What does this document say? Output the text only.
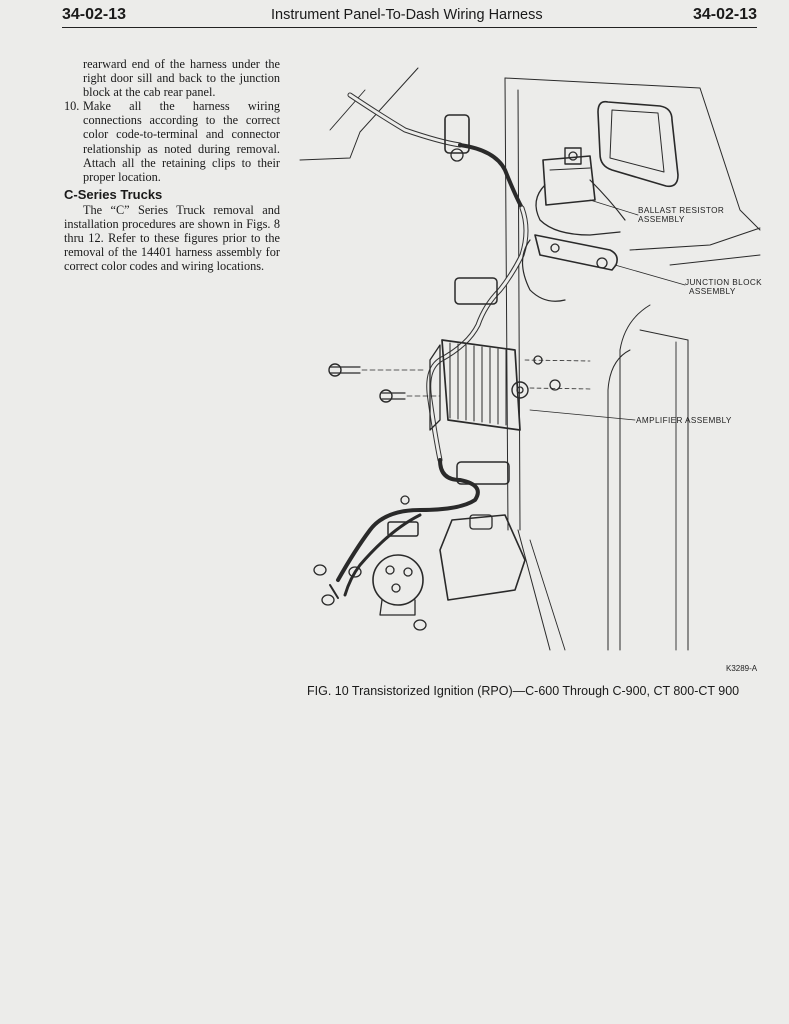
34-02-13	Instrument Panel-To-Dash Wiring Harness	34-02-13

rearward end of the harness under the right door sill and back to the junction block at the cab rear panel.

10. Make all the harness wiring connections according to the correct color code-to-terminal and connector relationship as noted during removal. Attach all the retaining clips to their proper location.

C-Series Trucks

The “C” Series Truck removal and installation procedures are shown in Figs. 8 thru 12. Refer to these figures prior to the removal of the 14401 harness assembly for correct color codes and wiring locations.

BALLAST RESISTOR
ASSEMBLY
JUNCTION BLOCK
ASSEMBLY
AMPLIFIER ASSEMBLY
K3289-A
FIG. 10 Transistorized Ignition (RPO)—C-600 Through C-900, CT 800-CT 900
